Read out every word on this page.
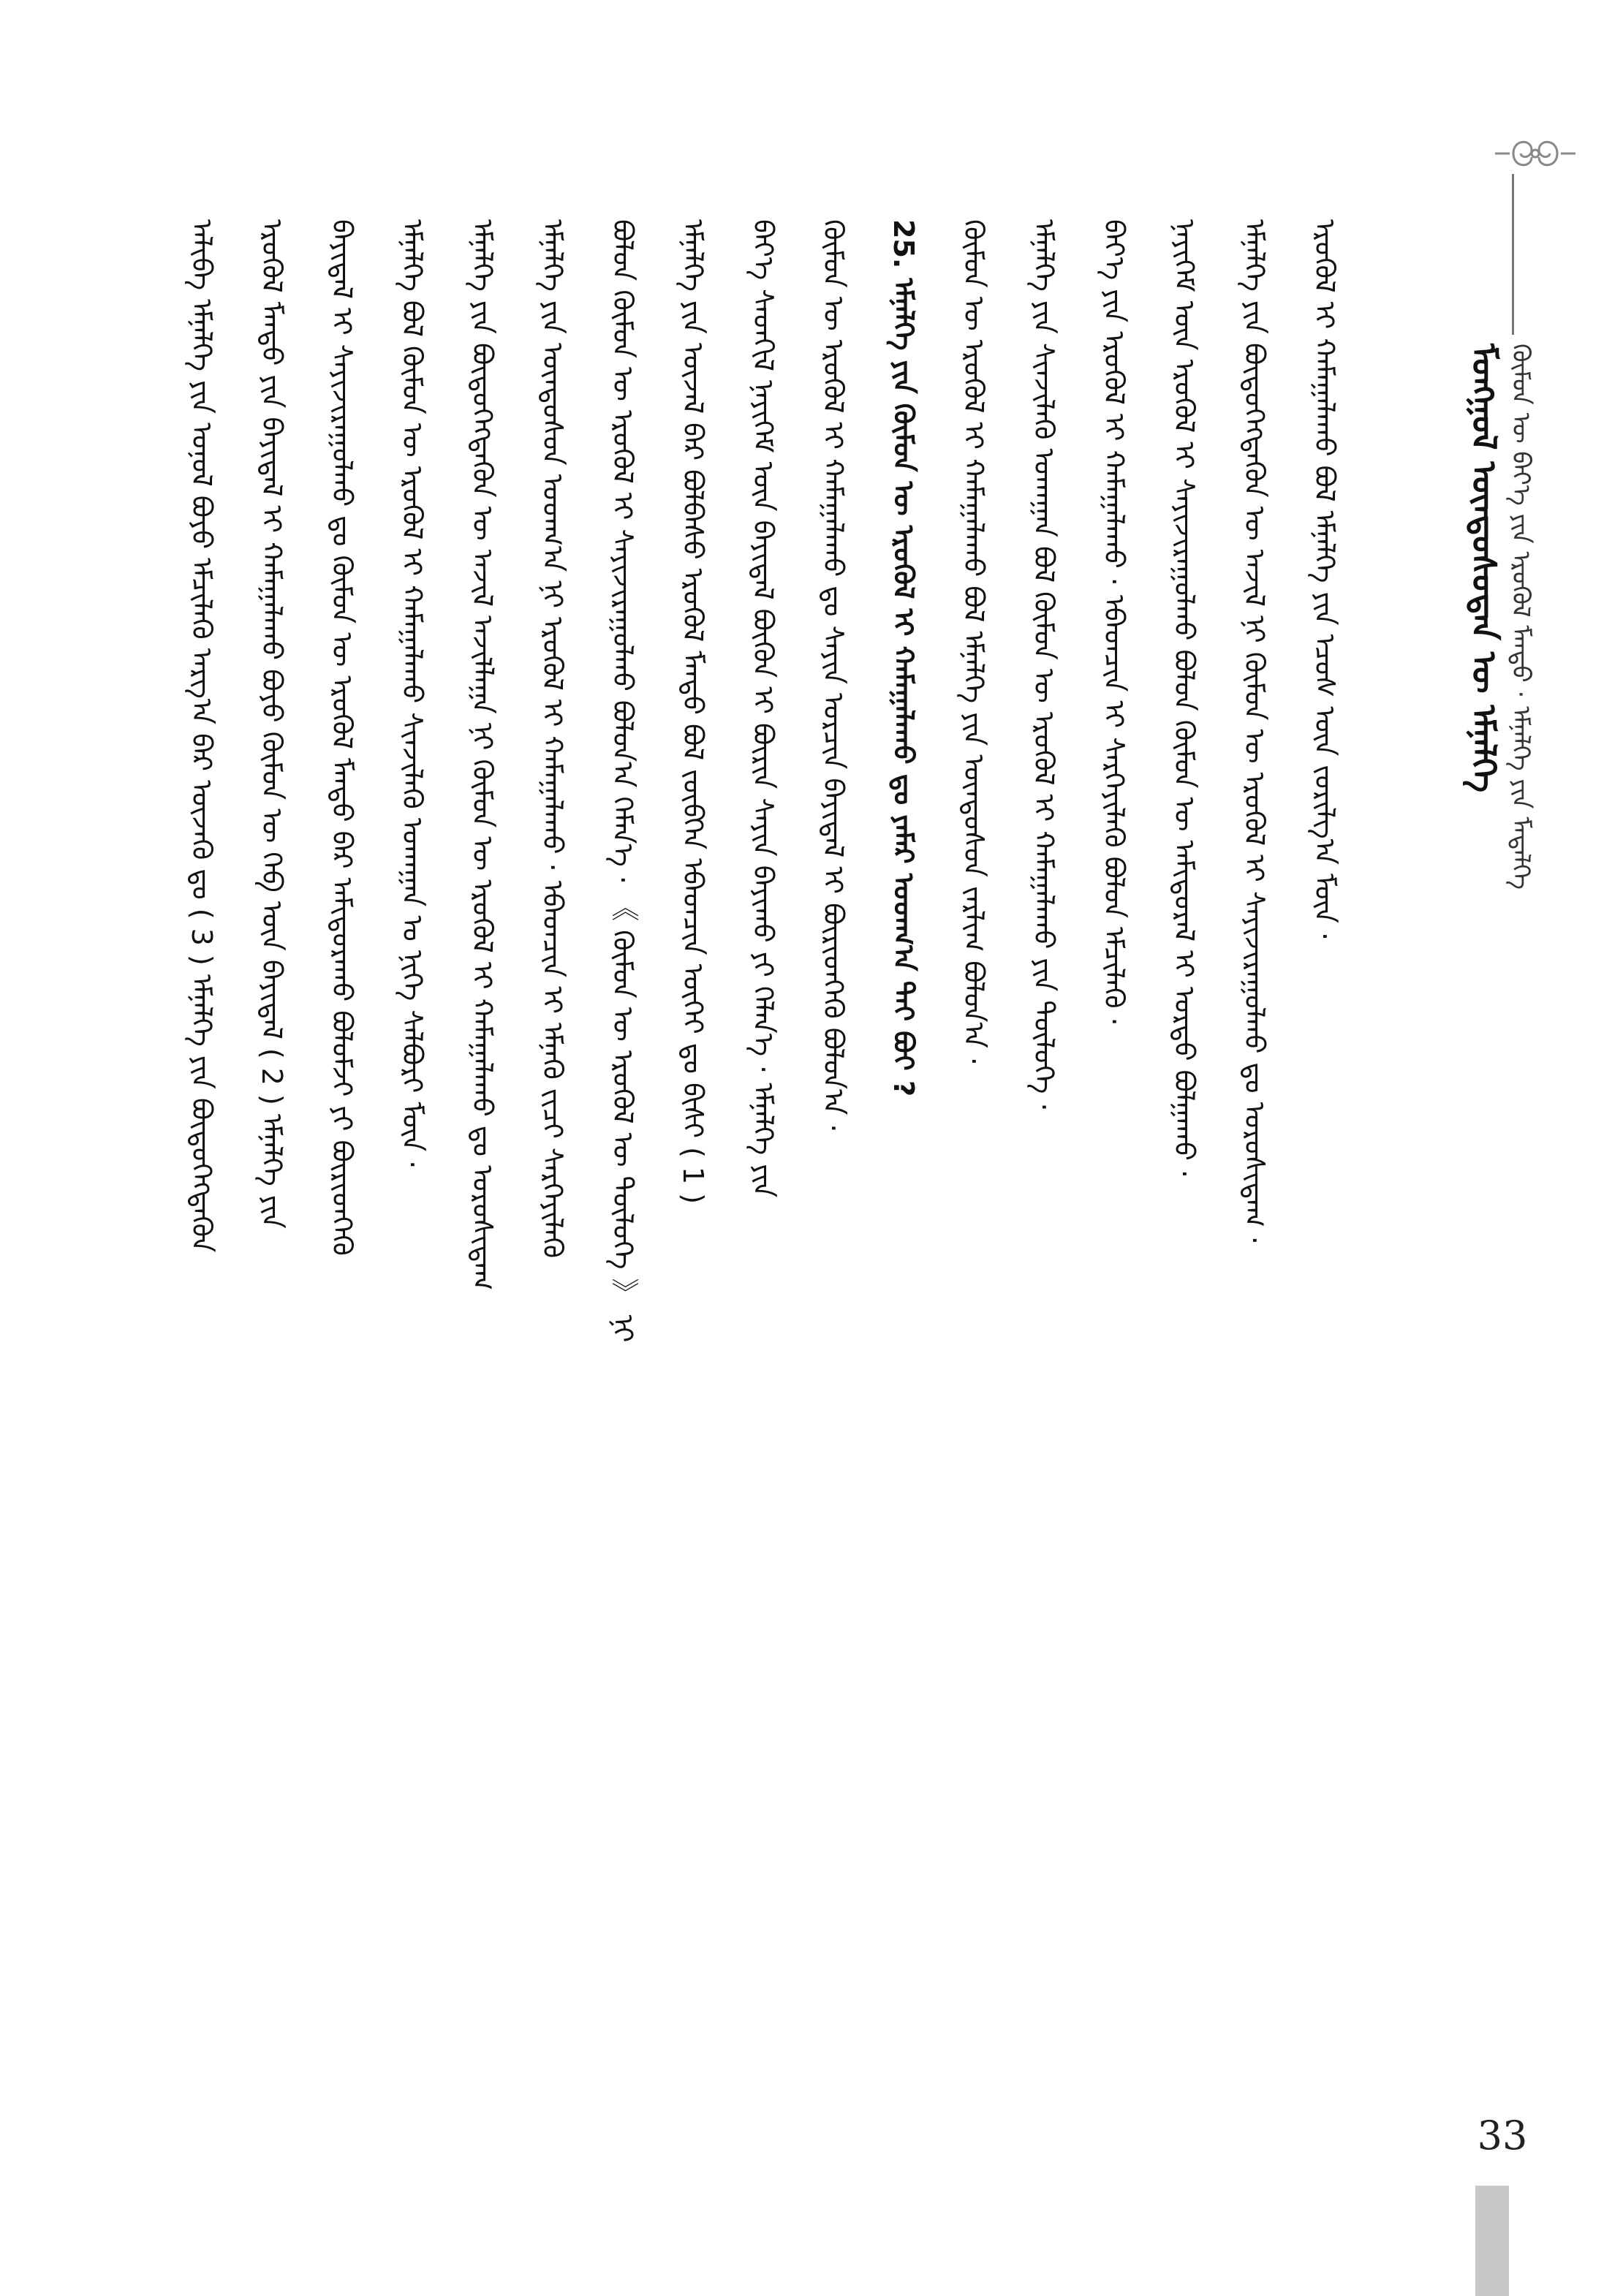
ᠮᠣᠩᠭᠣᠯ ᠦᠨᠳᠦᠰᠦᠲᠡᠨ ᠦ ᠡᠮᠨᠡᠯᠭᠡ ᠬᠦᠮᠦᠨ ᠦ ᠪᠡᠶ᠎ᠡ ᠶᠢᠨ ᠡᠷᠦᠬᠦᠯ ᠮᠡᠨᠳᠦ · ᠡᠮᠨᠡᠯᠭᠡ ᠶᠢᠨ ᠮᠡᠳᠡᠯᠭᠡ
ᠠᠯᠢᠪᠠ ᠡᠮᠨᠡᠯᠭᠡ ᠶᠢᠨ ᠤᠨᠤᠯ ᠪᠤᠶᠤ ᠡᠮᠴᠢᠯᠡᠬᠦ ᠠᠷᠭ᠎ᠠ ᠪᠠᠷ ᠦᠵᠡᠬᠦ ᠳᠤ ( 3 ) ᠡᠮᠨᠡᠯᠭᠡ ᠶᠢᠨ ᠪᠦᠳᠦᠭᠡᠭᠳᠡᠬᠦᠨ ᠡᠷᠦᠬᠦᠯ ᠮᠡᠨᠳᠦ ᠶᠢᠨ ᠪᠠᠶᠢᠳᠠᠯ ᠢ ᠬᠠᠮᠠᠭᠠᠯᠠᠬᠤ ᠪᠤᠶᠤ ᠬᠦᠮᠦᠨ ᠦ ᠬᠡᠪ ᠦᠨ ᠪᠠᠶᠢᠳᠠᠯ ( 2 ) ᠡᠮᠨᠡᠯᠭᠡ ᠶᠢᠨ ᠪᠠᠶᠢᠳᠠᠯ ᠢ ᠰᠠᠶᠢᠵᠢᠷᠠᠭᠤᠯᠬᠤ ᠳᠤ ᠬᠦᠮᠦᠨ ᠦ ᠡᠷᠦᠬᠦᠯ ᠮᠡᠨᠳᠦ ᠪᠠᠷ ᠠᠮᠢᠳᠤᠷᠠᠬᠤ ᠪᠤᠯᠤᠮᠵᠢ ᠶᠢ ᠪᠦᠷᠢᠳᠬᠡᠬᠦ ᠡᠮᠨᠡᠯᠭᠡ ᠪᠤᠯ ᠬᠦᠮᠦᠨ ᠦ ᠡᠷᠦᠬᠦᠯ ᠢ ᠬᠠᠮᠠᠭᠠᠯᠠᠬᠤ ᠰᠢᠨᠵᠢᠯᠡᠬᠦ ᠤᠬᠠᠭᠠᠨ ᠤ ᠨᠢᠭᠡ ᠰᠠᠯᠪᠤᠷᠢ ᠮᠦᠨ · ᠡᠮᠨᠡᠯᠭᠡ ᠶᠢᠨ ᠪᠦᠳᠦᠭᠡᠭᠳᠡᠬᠦᠨ ᠦ ᠠᠵᠢᠯ ᠠᠵᠢᠯᠯᠠᠭᠠ ᠨᠢ ᠬᠦᠮᠦᠨ ᠦ ᠡᠷᠦᠬᠦᠯ ᠢ ᠬᠠᠮᠠᠭᠠᠯᠠᠬᠤ ᠳᠤ ᠤᠷᠤᠰᠢᠳᠠᠭ ᠡᠮᠨᠡᠯᠭᠡ ᠶᠢᠨ ᠦᠨᠳᠦᠰᠦᠨ ᠤᠳᠬ᠎ᠠ ᠨᠢ ᠡᠷᠦᠬᠦᠯ ᠢ ᠬᠠᠮᠠᠭᠠᠯᠠᠬᠤ · ᠡᠪᠡᠳᠴᠢᠨ ᠢ ᠡᠮᠨᠡᠬᠦ ᠵᠢᠴᠢ ᠰᠡᠷᠭᠡᠶᠢᠯᠡᠬᠦ ᠪᠣᠯᠣᠨ ᠬᠦᠮᠦᠨ ᠦ ᠡᠷᠦᠬᠦᠯ ᠢ ᠰᠠᠶᠢᠵᠢᠷᠠᠭᠤᠯᠬᠤ ᠪᠤᠯᠤᠨ᠎ᠠ ᠬᠡᠮᠡᠨ᠎ᠡ · 《 ᠬᠦᠮᠦᠨ ᠦ ᠡᠷᠦᠬᠦᠯ ᠦ ᠲᠥᠯᠦᠭᠡ 》 ᠨᠢ ᠡᠮᠨᠡᠯᠭᠡ ᠶᠢᠨ ᠦᠵᠡᠯ ᠪᠠᠷ ᠪᠣᠯᠪᠠᠰᠤ ᠡᠷᠦᠬᠦᠯ ᠮᠡᠨᠳᠦ ᠪᠤᠯ ᠵᠥᠪᠬᠡᠨ ᠡᠪᠡᠳᠴᠢᠨ ᠦᠭᠡᠢ ᠳᠤ ᠪᠢᠰᠢ ( 1 ) ᠪᠡᠶ᠎ᠡ ᠰᠡᠳᠬᠢᠯ ᠨᠡᠶᠢᠭᠡᠮ ᠦᠨ ᠪᠠᠶᠢᠳᠠᠯ ᠪᠦᠬᠦᠨ ᠢ ᠪᠦᠷᠢᠨ ᠰᠠᠶᠢᠨ ᠪᠠᠶᠢᠬᠤ ᠶᠢ ᠬᠡᠯᠡᠨ᠎ᠡ · ᠡᠮᠨᠡᠯᠭᠡ ᠶᠢᠨ ᠬᠦᠮᠦᠨ ᠦ ᠡᠷᠦᠬᠦᠯ ᠢ ᠬᠠᠮᠠᠭᠠᠯᠠᠬᠤ ᠳᠤ ᠰᠠᠶᠢᠨ ᠤᠷᠴᠢᠨ ᠪᠠᠶᠢᠳᠠᠯ ᠢ ᠪᠦᠷᠢᠳᠬᠡᠬᠦ ᠪᠤᠯᠤᠨ᠎ᠠ · 25. ᠡᠮᠨᠡᠯᠭᠡ ᠶᠢᠨ ᠬᠦᠮᠦᠨ ᠦ ᠡᠷᠦᠬᠦᠯ ᠢ ᠬᠠᠮᠠᠭᠠᠯᠠᠬᠤ ᠳᠤ ᠶᠠᠮᠠᠷ ᠤᠳᠬ᠎ᠠ ᠲᠠᠶ ᠪᠤᠢ ? ᠬᠦᠮᠦᠨ ᠦ ᠡᠷᠦᠬᠦᠯ ᠢ ᠬᠠᠮᠠᠭᠠᠯᠠᠬᠤ ᠪᠤᠯ ᠡᠮᠨᠡᠯᠭᠡ ᠶᠢᠨ ᠦᠨᠳᠦᠰᠦᠨ ᠵᠠᠷᠯᠢᠭ ᠪᠤᠯᠤᠨ᠎ᠠ · ᠡᠮᠨᠡᠯᠭᠡ ᠶᠢᠨ ᠰᠢᠨᠵᠢᠯᠡᠬᠦ ᠤᠬᠠᠭᠠᠨ ᠪᠤᠯ ᠬᠦᠮᠦᠨ ᠦ ᠡᠷᠦᠬᠦᠯ ᠢ ᠬᠠᠮᠠᠭᠠᠯᠠᠬᠤ ᠶᠢᠨ ᠲᠥᠯᠦᠭᠡ · ᠪᠡᠶ᠎ᠡ ᠶᠢᠨ ᠡᠷᠦᠬᠦᠯ ᠢ ᠬᠠᠮᠠᠭᠠᠯᠠᠬᠤ · ᠡᠪᠡᠳᠴᠢᠨ ᠢ ᠰᠡᠷᠭᠡᠶᠢᠯᠡᠬᠦ ᠪᠤᠯᠤᠨ ᠡᠮᠴᠢᠯᠡᠬᠦ · ᠨᠡᠶᠢᠭᠡᠮ ᠦᠨ ᠡᠷᠦᠬᠦᠯ ᠢ ᠰᠠᠶᠢᠵᠢᠷᠠᠭᠤᠯᠬᠤ ᠪᠤᠯᠤᠨ ᠬᠦᠮᠦᠨ ᠦ ᠠᠮᠢᠳᠤᠷᠠᠯ ᠢ ᠤᠷᠲᠤ ᠪᠤᠯᠭᠠᠬᠤ · ᠡᠮᠨᠡᠯᠭᠡ ᠶᠢᠨ ᠪᠦᠳᠦᠭᠡᠭᠳᠡᠬᠦᠨ ᠦ ᠠᠵᠢᠯ ᠨᠢ ᠬᠦᠮᠦᠨ ᠦ ᠡᠷᠦᠬᠦᠯ ᠢ ᠰᠠᠶᠢᠵᠢᠷᠠᠭᠤᠯᠬᠤ ᠳᠤ ᠤᠷᠤᠰᠢᠳᠠᠭ · ᠡᠷᠦᠬᠦᠯ ᠢ ᠬᠠᠮᠠᠭᠠᠯᠠᠬᠤ ᠪᠤᠯ ᠡᠮᠨᠡᠯᠭᠡ ᠶᠢᠨ ᠡᠴᠦᠰ ᠦᠨ ᠵᠣᠷᠢᠯᠭ᠎ᠠ ᠮᠦᠨ ·
33
